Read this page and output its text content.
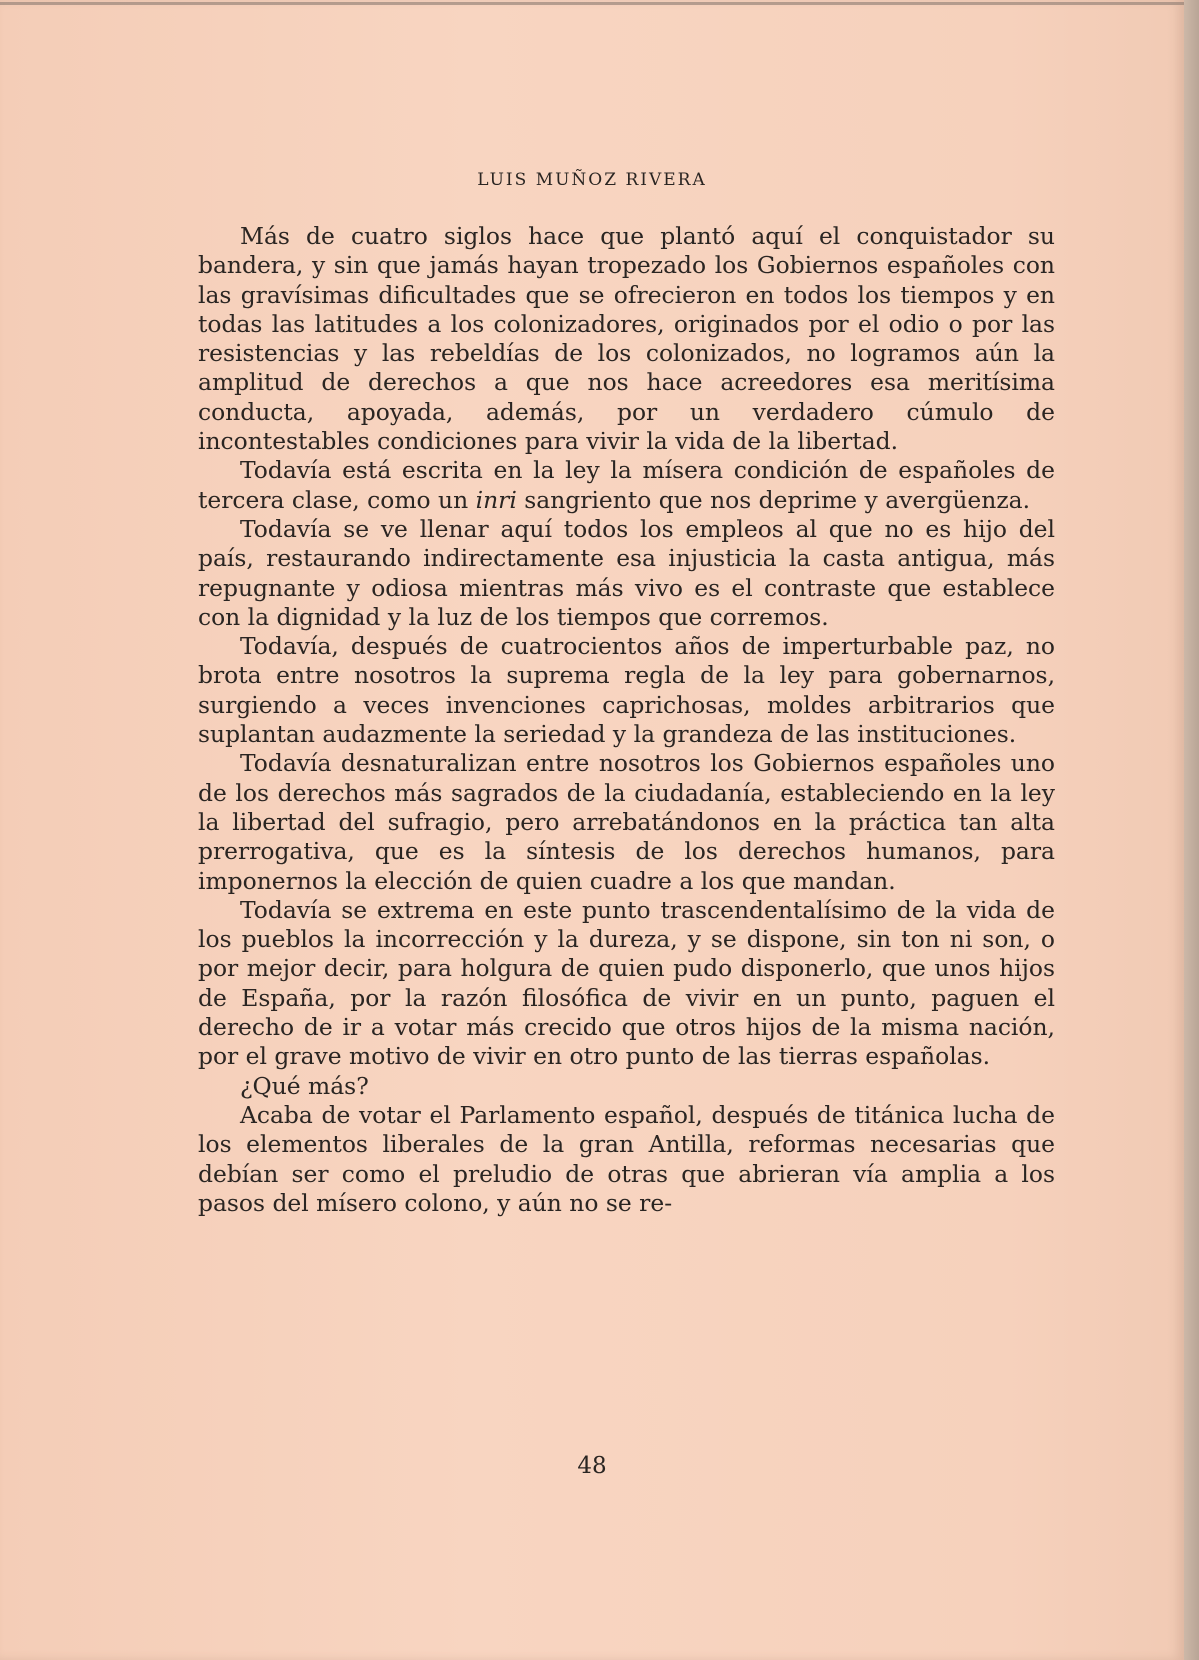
LUIS MUÑOZ RIVERA

Más de cuatro siglos hace que plantó aquí el conquistador su bandera, y sin que jamás hayan tropezado los Gobiernos españoles con las gravísimas dificultades que se ofrecieron en todos los tiempos y en todas las latitudes a los colonizadores, originados por el odio o por las resistencias y las rebeldías de los colonizados, no logramos aún la amplitud de derechos a que nos hace acreedores esa meritísima conducta, apoyada, además, por un verdadero cúmulo de incontestables condiciones para vivir la vida de la libertad.

Todavía está escrita en la ley la mísera condición de españoles de tercera clase, como un inri sangriento que nos deprime y avergüenza.

Todavía se ve llenar aquí todos los empleos al que no es hijo del país, restaurando indirectamente esa injusticia la casta antigua, más repugnante y odiosa mientras más vivo es el contraste que establece con la dignidad y la luz de los tiempos que corremos.

Todavía, después de cuatrocientos años de imperturbable paz, no brota entre nosotros la suprema regla de la ley para gobernarnos, surgiendo a veces invenciones caprichosas, moldes arbitrarios que suplantan audazmente la seriedad y la grandeza de las instituciones.

Todavía desnaturalizan entre nosotros los Gobiernos españoles uno de los derechos más sagrados de la ciudadanía, estableciendo en la ley la libertad del sufragio, pero arrebatándonos en la práctica tan alta prerrogativa, que es la síntesis de los derechos humanos, para imponernos la elección de quien cuadre a los que mandan.

Todavía se extrema en este punto trascendentalísimo de la vida de los pueblos la incorrección y la dureza, y se dispone, sin ton ni son, o por mejor decir, para holgura de quien pudo disponerlo, que unos hijos de España, por la razón filosófica de vivir en un punto, paguen el derecho de ir a votar más crecido que otros hijos de la misma nación, por el grave motivo de vivir en otro punto de las tierras españolas.

¿Qué más?

Acaba de votar el Parlamento español, después de titánica lucha de los elementos liberales de la gran Antilla, reformas necesarias que debían ser como el preludio de otras que abrieran vía amplia a los pasos del mísero colono, y aún no se re-

48
